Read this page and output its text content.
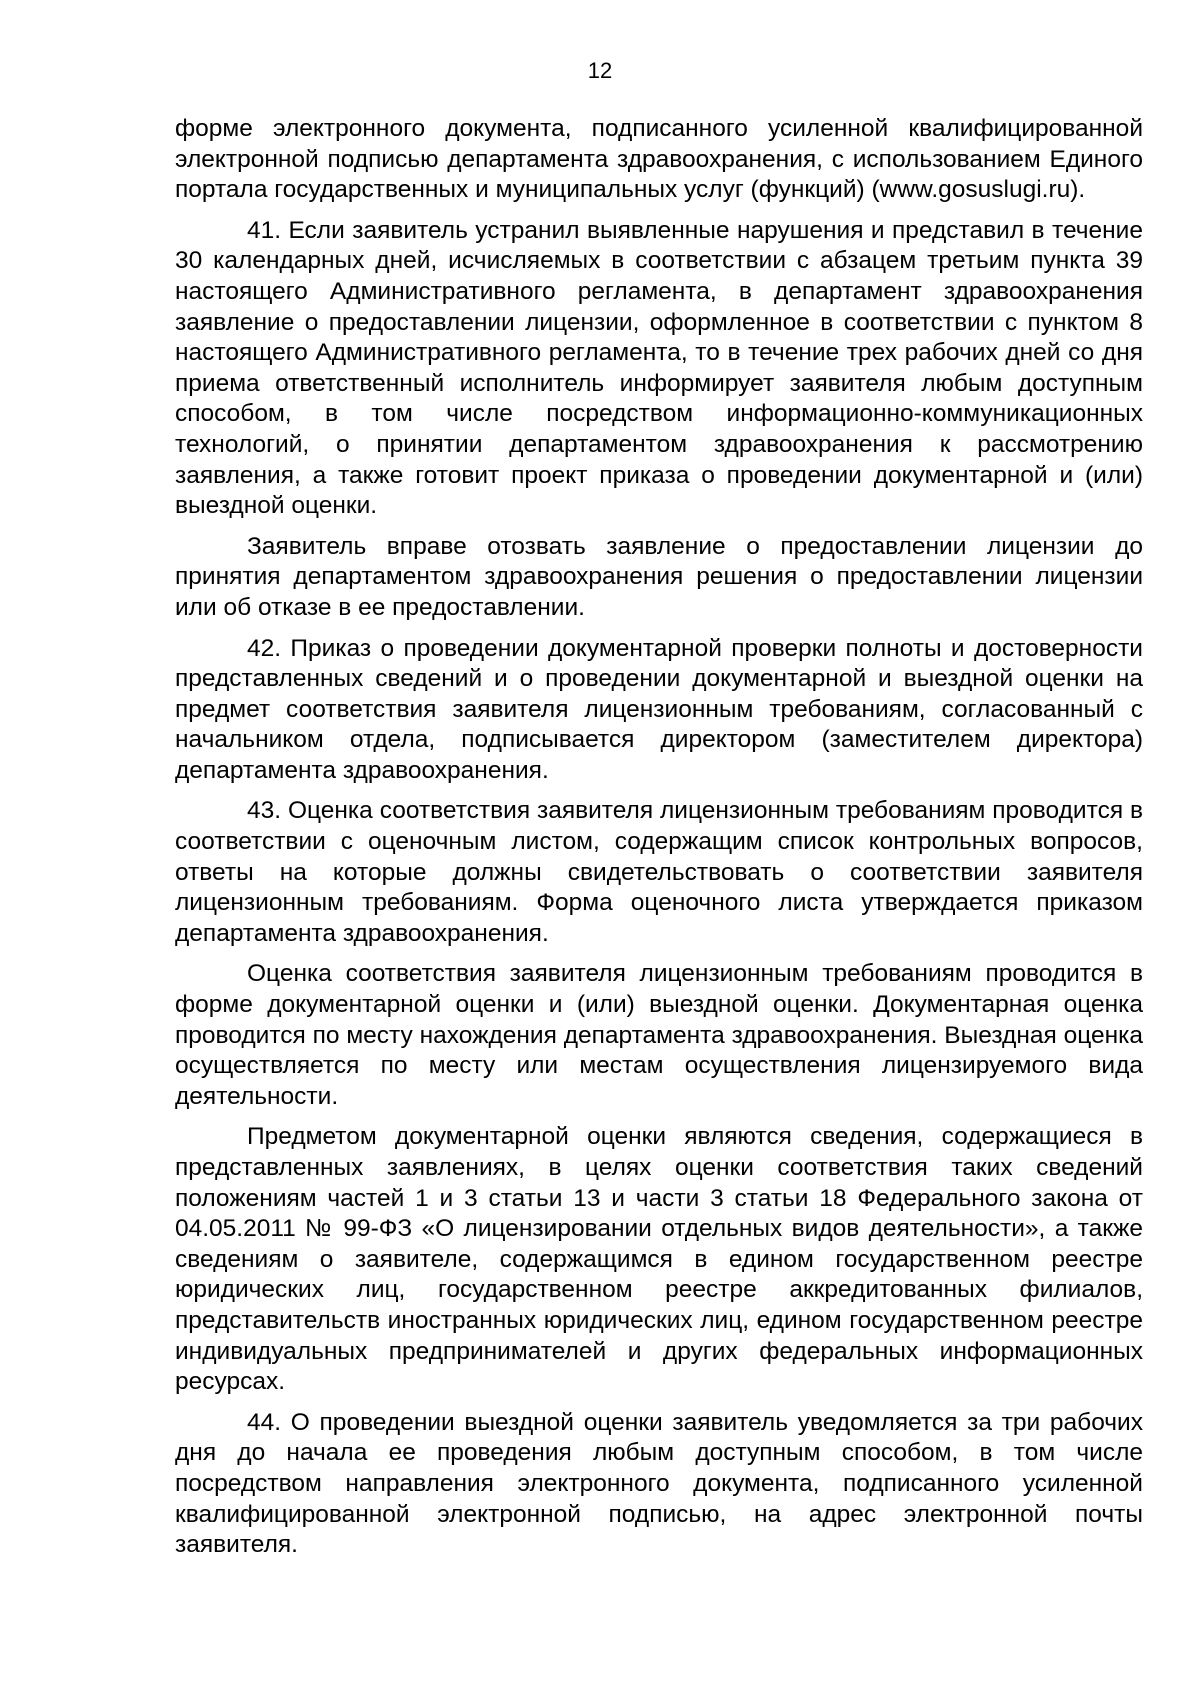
12

форме электронного документа, подписанного усиленной квалифицированной электронной подписью департамента здравоохранения, с использованием Единого портала государственных и муниципальных услуг (функций) (www.gosuslugi.ru).

41. Если заявитель устранил выявленные нарушения и представил в течение 30 календарных дней, исчисляемых в соответствии с абзацем третьим пункта 39 настоящего Административного регламента, в департамент здравоохранения заявление о предоставлении лицензии, оформленное в соответствии с пунктом 8 настоящего Административного регламента, то в течение трех рабочих дней со дня приема ответственный исполнитель информирует заявителя любым доступным способом, в том числе посредством информационно-коммуникационных технологий, о принятии департаментом здравоохранения к рассмотрению заявления, а также готовит проект приказа о проведении документарной и (или) выездной оценки.

Заявитель вправе отозвать заявление о предоставлении лицензии до принятия департаментом здравоохранения решения о предоставлении лицензии или об отказе в ее предоставлении.

42. Приказ о проведении документарной проверки полноты и достоверности представленных сведений и о проведении документарной и выездной оценки на предмет соответствия заявителя лицензионным требованиям, согласованный с начальником отдела, подписывается директором (заместителем директора) департамента здравоохранения.

43. Оценка соответствия заявителя лицензионным требованиям проводится в соответствии с оценочным листом, содержащим список контрольных вопросов, ответы на которые должны свидетельствовать о соответствии заявителя лицензионным требованиям. Форма оценочного листа утверждается приказом департамента здравоохранения.

Оценка соответствия заявителя лицензионным требованиям проводится в форме документарной оценки и (или) выездной оценки. Документарная оценка проводится по месту нахождения департамента здравоохранения. Выездная оценка осуществляется по месту или местам осуществления лицензируемого вида деятельности.

Предметом документарной оценки являются сведения, содержащиеся в представленных заявлениях, в целях оценки соответствия таких сведений положениям частей 1 и 3 статьи 13 и части 3 статьи 18 Федерального закона от 04.05.2011 № 99-ФЗ «О лицензировании отдельных видов деятельности», а также сведениям о заявителе, содержащимся в едином государственном реестре юридических лиц, государственном реестре аккредитованных филиалов, представительств иностранных юридических лиц, едином государственном реестре индивидуальных предпринимателей и других федеральных информационных ресурсах.

44. О проведении выездной оценки заявитель уведомляется за три рабочих дня до начала ее проведения любым доступным способом, в том числе посредством направления электронного документа, подписанного усиленной квалифицированной электронной подписью, на адрес электронной почты заявителя.
